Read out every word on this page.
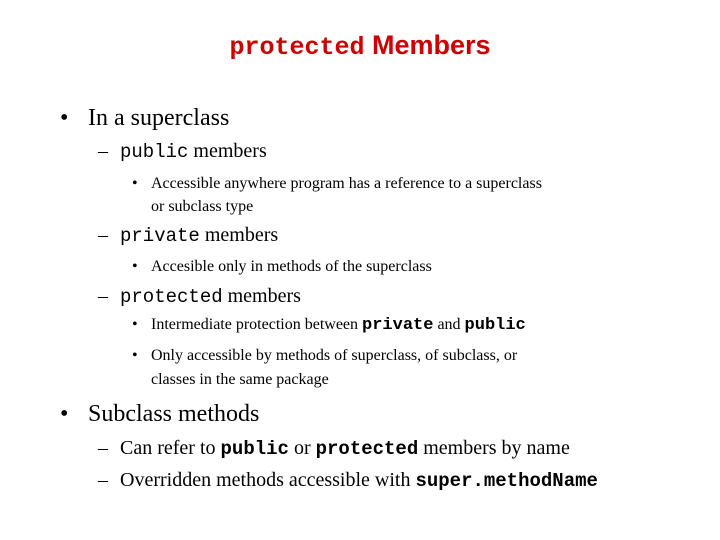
protected Members
• In a superclass
– public members
• Accessible anywhere program has a reference to a superclass
or subclass type
– private members
• Accesible only in methods of the superclass
– protected members
• Intermediate protection between private and public
• Only accessible by methods of superclass, of subclass, or
classes in the same package
• Subclass methods
– Can refer to public or protected members by name
– Overridden methods accessible with super.methodName
